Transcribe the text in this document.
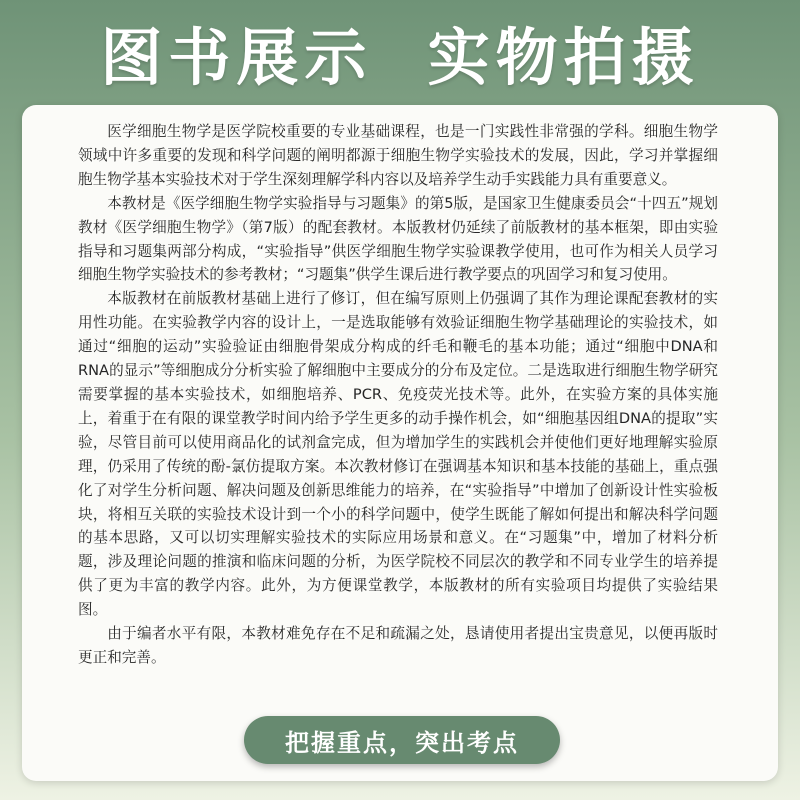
图书展示  实物拍摄

医学细胞生物学是医学院校重要的专业基础课程，也是一门实践性非常强的学科。细胞生物学领域中许多重要的发现和科学问题的阐明都源于细胞生物学实验技术的发展，因此，学习并掌握细胞生物学基本实验技术对于学生深刻理解学科内容以及培养学生动手实践能力具有重要意义。

本教材是《医学细胞生物学实验指导与习题集》的第5版，是国家卫生健康委员会“十四五”规划教材《医学细胞生物学》（第7版）的配套教材。本版教材仍延续了前版教材的基本框架，即由实验指导和习题集两部分构成，“实验指导”供医学细胞生物学实验课教学使用，也可作为相关人员学习细胞生物学实验技术的参考教材；“习题集”供学生课后进行教学要点的巩固学习和复习使用。

本版教材在前版教材基础上进行了修订，但在编写原则上仍强调了其作为理论课配套教材的实用性功能。在实验教学内容的设计上，一是选取能够有效验证细胞生物学基础理论的实验技术，如通过“细胞的运动”实验验证由细胞骨架成分构成的纤毛和鞭毛的基本功能；通过“细胞中DNA和RNA的显示”等细胞成分分析实验了解细胞中主要成分的分布及定位。二是选取进行细胞生物学研究需要掌握的基本实验技术，如细胞培养、PCR、免疫荧光技术等。此外，在实验方案的具体实施上，着重于在有限的课堂教学时间内给予学生更多的动手操作机会，如“细胞基因组DNA的提取”实验，尽管目前可以使用商品化的试剂盒完成，但为增加学生的实践机会并使他们更好地理解实验原理，仍采用了传统的酚-氯仿提取方案。本次教材修订在强调基本知识和基本技能的基础上，重点强化了对学生分析问题、解决问题及创新思维能力的培养，在“实验指导”中增加了创新设计性实验板块，将相互关联的实验技术设计到一个小的科学问题中，使学生既能了解如何提出和解决科学问题的基本思路，又可以切实理解实验技术的实际应用场景和意义。在“习题集”中，增加了材料分析题，涉及理论问题的推演和临床问题的分析，为医学院校不同层次的教学和不同专业学生的培养提供了更为丰富的教学内容。此外，为方便课堂教学，本版教材的所有实验项目均提供了实验结果图。

由于编者水平有限，本教材难免存在不足和疏漏之处，恳请使用者提出宝贵意见，以便再版时更正和完善。

把握重点，突出考点
